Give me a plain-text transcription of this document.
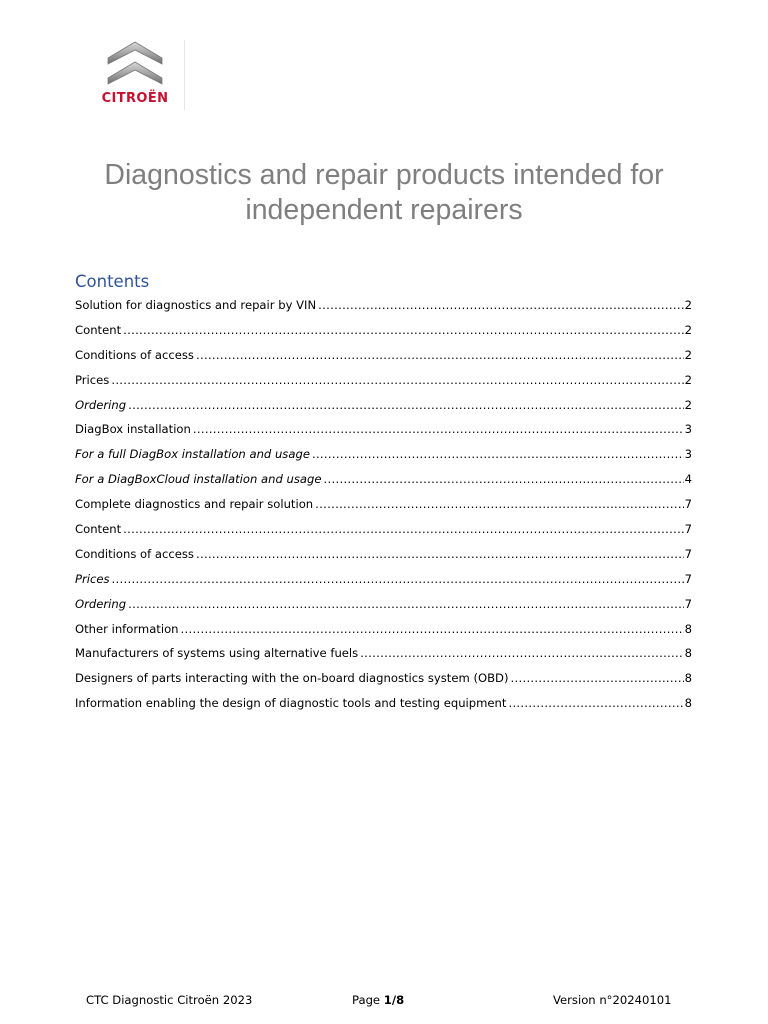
CITROËN
Diagnostics and repair products intended for
independent repairers
Contents
Solution for diagnostics and repair by VIN .....	2
Content .....	2
Conditions of access .....	2
Prices .....	2
Ordering .....	2
DiagBox installation .....	3
For a full DiagBox installation and usage .....	3
For a DiagBoxCloud installation and usage .....	4
Complete diagnostics and repair solution .....	7
Content .....	7
Conditions of access .....	7
Prices .....	7
Ordering .....	7
Other information .....	8
Manufacturers of systems using alternative fuels .....	8
Designers of parts interacting with the on-board diagnostics system (OBD) .....	8
Information enabling the design of diagnostic tools and testing equipment .....	8
CTC Diagnostic Citroën 2023	Page 1/8	Version n°20240101
